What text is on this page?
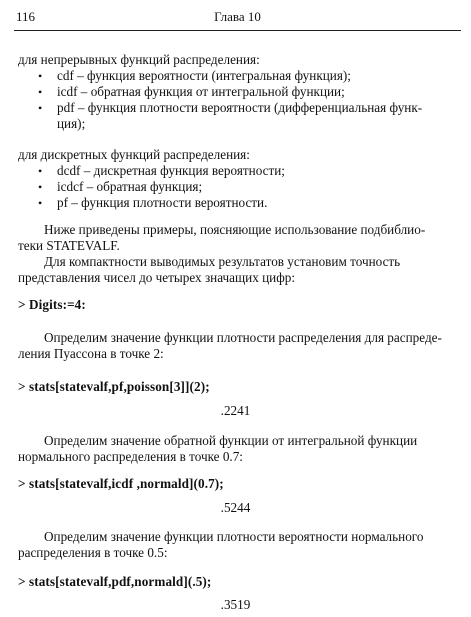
116	Глава 10
для непрерывных функций распределения:
• cdf – функция вероятности (интегральная функция);
• icdf – обратная функция от интегральной функции;
• pdf – функция плотности вероятности (дифференциальная функ-
ция);
для дискретных функций распределения:
• dcdf – дискретная функция вероятности;
• icdcf – обратная функция;
• pf – функция плотности вероятности.
Ниже приведены примеры, поясняющие использование подбиблио-
теки STATEVALF.
Для компактности выводимых результатов установим точность
представления чисел до четырех значащих цифр:
> Digits:=4:
Определим значение функции плотности распределения для распреде-
ления Пуассона в точке 2:
> stats[statevalf,pf,poisson[3]](2);
.2241
Определим значение обратной функции от интегральной функции
нормального распределения в точке 0.7:
> stats[statevalf,icdf ,normald](0.7);
.5244
Определим значение функции плотности вероятности нормального
распределения в точке 0.5:
> stats[statevalf,pdf,normald](.5);
.3519
